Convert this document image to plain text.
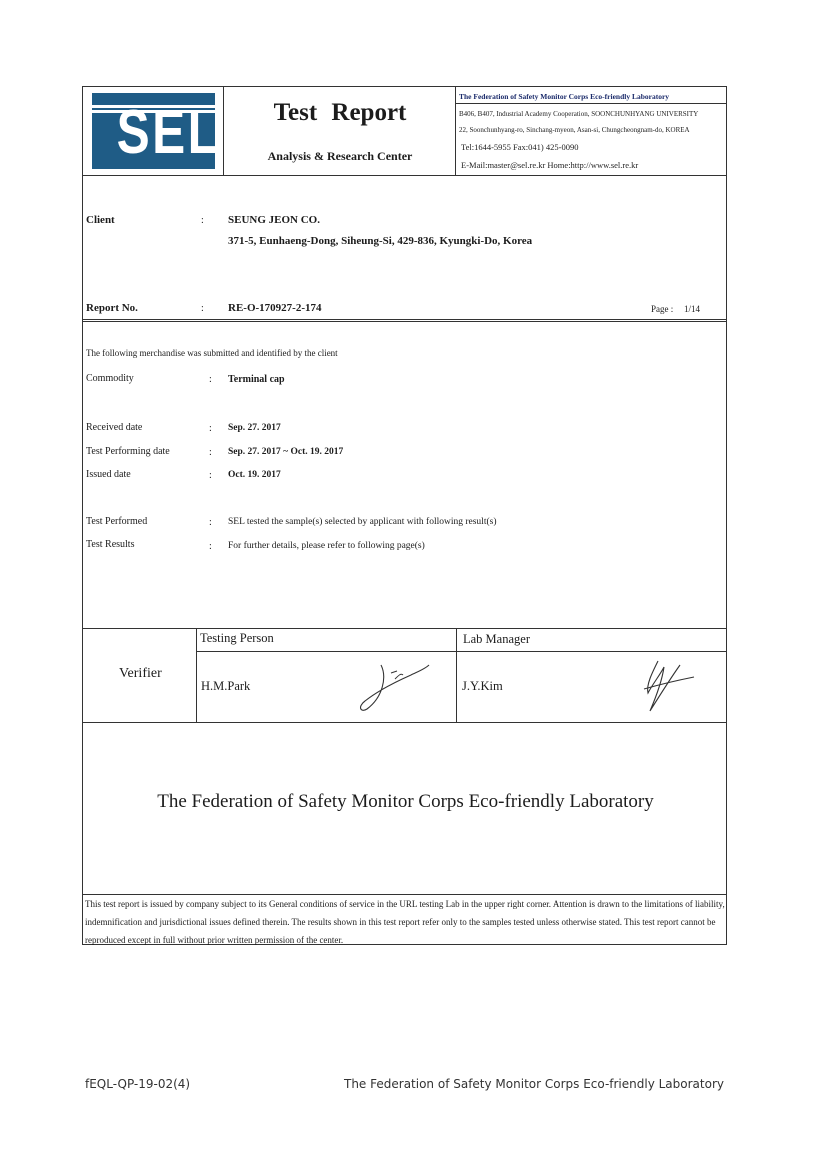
SEL	Test Report
Analysis & Research Center
The Federation of Safety Monitor Corps Eco-friendly Laboratory
B406, B407, Industrial Academy Cooperation, SOONCHUNHYANG UNIVERSITY
22, Soonchunhyang-ro, Sinchang-myeon, Asan-si, Chungcheongnam-do, KOREA
Tel:1644-5955 Fax:041) 425-0090
E-Mail:master@sel.re.kr Home:http://www.sel.re.kr
Client	: SEUNG JEON CO.
371-5, Eunhaeng-Dong, Siheung-Si, 429-836, Kyungki-Do, Korea
Report No.	: RE-O-170927-2-174	Page : 1/14
The following merchandise was submitted and identified by the client
Commodity	: Terminal cap
Received date	: Sep. 27. 2017
Test Performing date	: Sep. 27. 2017 ~ Oct. 19. 2017
Issued date	: Oct. 19. 2017
Test Performed	: SEL tested the sample(s) selected by applicant with following result(s)
Test Results	: For further details, please refer to following page(s)
Verifier
Testing Person	Lab Manager
H.M.Park	J.Y.Kim
The Federation of Safety Monitor Corps Eco-friendly Laboratory
This test report is issued by company subject to its General conditions of service in the URL testing Lab in the upper right corner. Attention is drawn to the limitations of liability, indemnification and jurisdictional issues defined therein. The results shown in this test report refer only to the samples tested unless otherwise stated. This test report cannot be reproduced except in full without prior written permission of the center.
fEQL-QP-19-02(4)	The Federation of Safety Monitor Corps Eco-friendly Laboratory
